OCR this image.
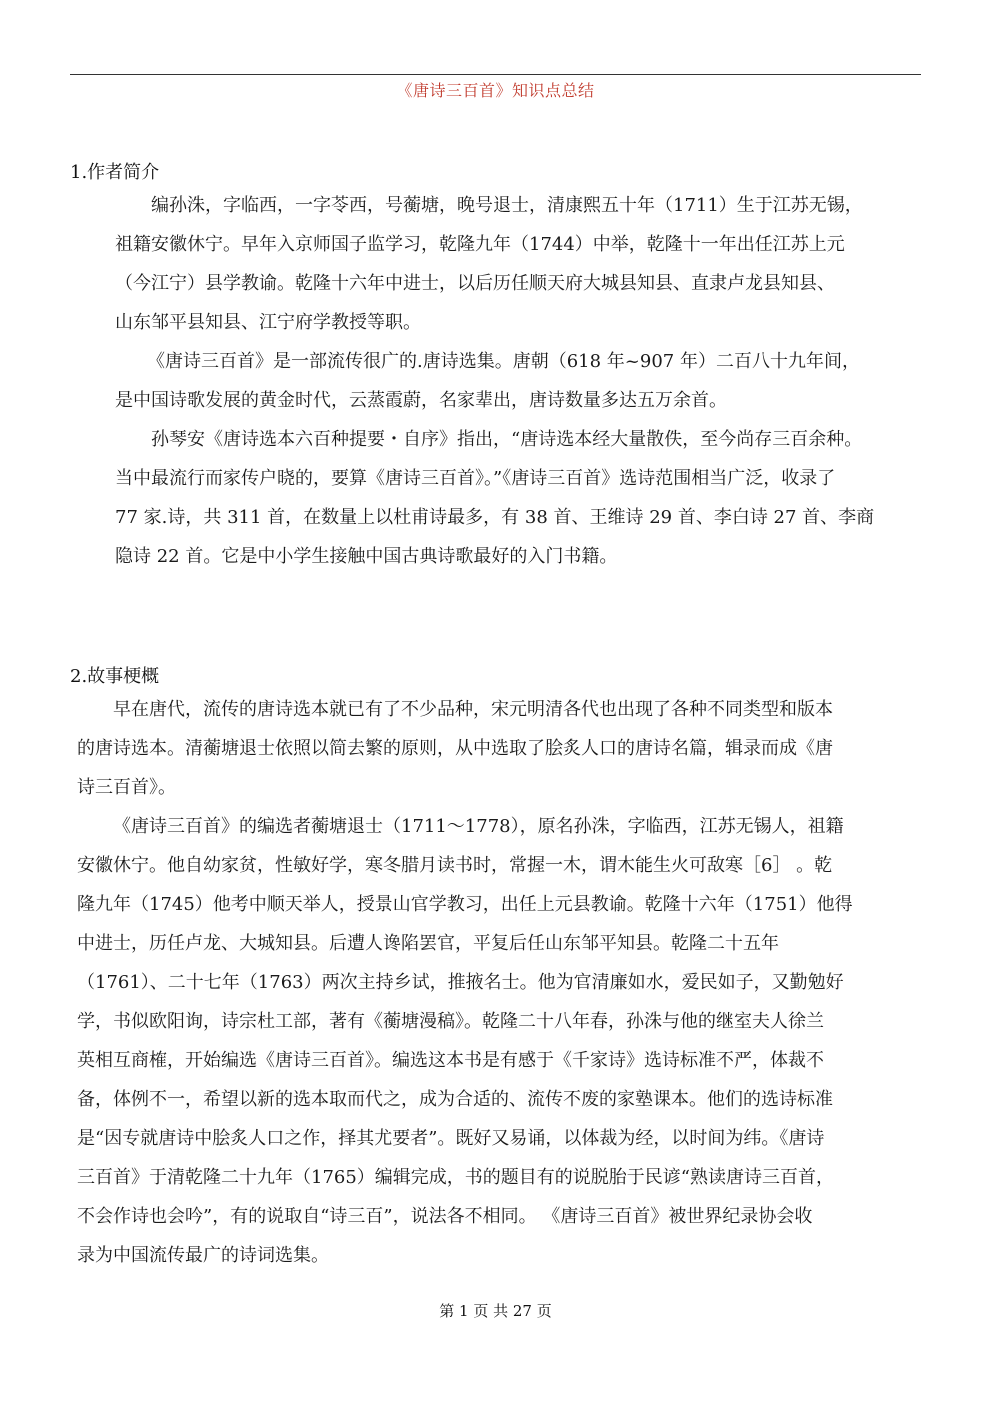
《唐诗三百首》知识点总结
1.作者简介
编孙洙，字临西，一字苓西，号蘅塘，晚号退士，清康熙五十年（1711）生于江苏无锡，
祖籍安徽休宁。早年入京师国子监学习，乾隆九年（1744）中举，乾隆十一年出任江苏上元
（今江宁）县学教谕。乾隆十六年中进士，以后历任顺天府大城县知县、直隶卢龙县知县、
山东邹平县知县、江宁府学教授等职。
《唐诗三百首》是一部流传很广的.唐诗选集。唐朝（618 年~907 年）二百八十九年间，
是中国诗歌发展的黄金时代，云蒸霞蔚，名家辈出，唐诗数量多达五万余首。
孙琴安《唐诗选本六百种提要・自序》指出，“唐诗选本经大量散佚，至今尚存三百余种。
当中最流行而家传户晓的，要算《唐诗三百首》。”《唐诗三百首》选诗范围相当广泛，收录了
77 家.诗，共 311 首，在数量上以杜甫诗最多，有 38 首、王维诗 29 首、李白诗 27 首、李商
隐诗 22 首。它是中小学生接触中国古典诗歌最好的入门书籍。
2.故事梗概
早在唐代，流传的唐诗选本就已有了不少品种，宋元明清各代也出现了各种不同类型和版本
的唐诗选本。清蘅塘退士依照以简去繁的原则，从中选取了脍炙人口的唐诗名篇，辑录而成《唐
诗三百首》。
《唐诗三百首》的编选者蘅塘退士（1711～1778），原名孙洙，字临西，江苏无锡人，祖籍
安徽休宁。他自幼家贫，性敏好学，寒冬腊月读书时，常握一木，谓木能生火可敌寒［6］ 。乾
隆九年（1745）他考中顺天举人，授景山官学教习，出任上元县教谕。乾隆十六年（1751）他得
中进士，历任卢龙、大城知县。后遭人谗陷罢官，平复后任山东邹平知县。乾隆二十五年
（1761）、二十七年（1763）两次主持乡试，推掖名士。他为官清廉如水，爱民如子，又勤勉好
学，书似欧阳询，诗宗杜工部，著有《蘅塘漫稿》。乾隆二十八年春，孙洙与他的继室夫人徐兰
英相互商榷，开始编选《唐诗三百首》。编选这本书是有感于《千家诗》选诗标准不严，体裁不
备，体例不一，希望以新的选本取而代之，成为合适的、流传不废的家塾课本。他们的选诗标准
是“因专就唐诗中脍炙人口之作，择其尤要者”。既好又易诵，以体裁为经，以时间为纬。《唐诗
三百首》于清乾隆二十九年（1765）编辑完成，书的题目有的说脱胎于民谚“熟读唐诗三百首，
不会作诗也会吟”，有的说取自“诗三百”，说法各不相同。 《唐诗三百首》被世界纪录协会收
录为中国流传最广的诗词选集。
第 1 页 共 27 页
